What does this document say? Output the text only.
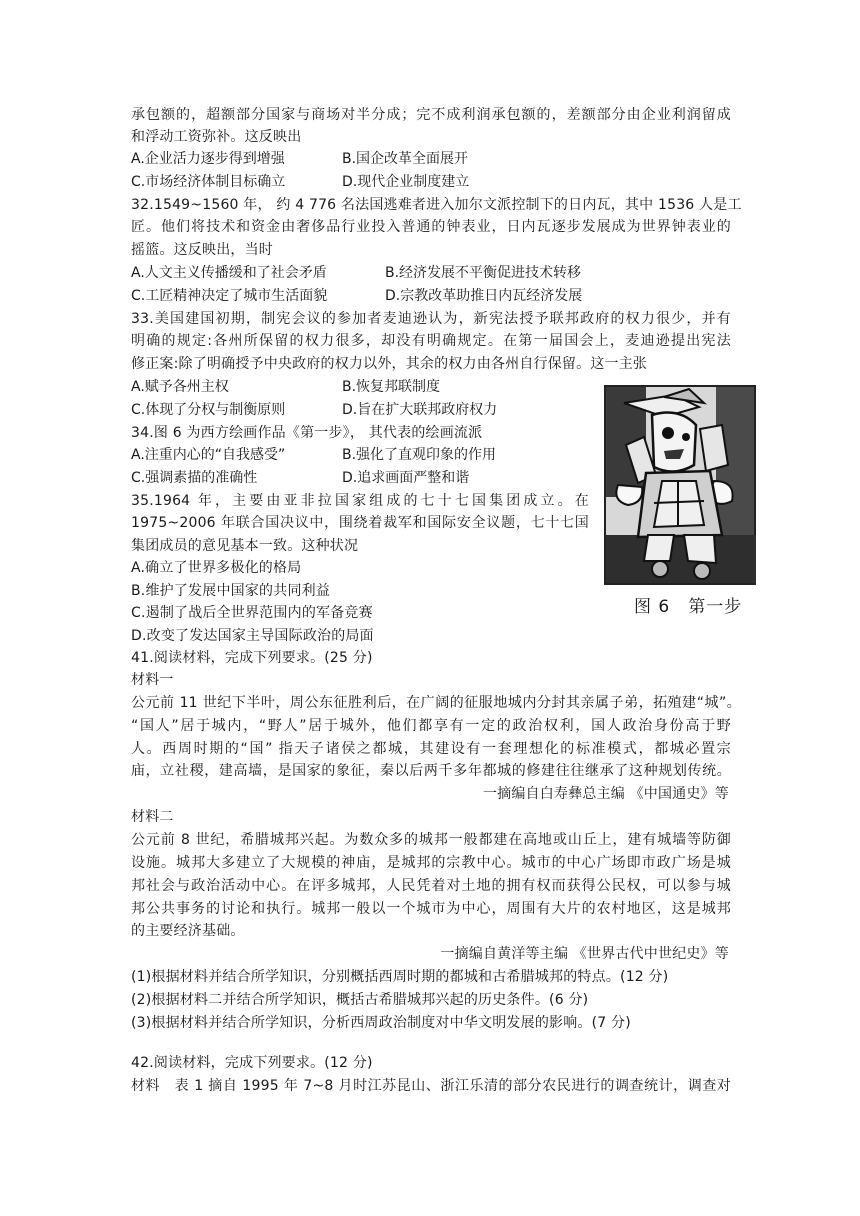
承包额的，超额部分国家与商场对半分成；完不成利润承包额的，差额部分由企业利润留成
和浮动工资弥补。这反映出
A.企业活力逐步得到增强	B.国企改革全面展开
C.市场经济体制目标确立	D.现代企业制度建立
32.1549~1560 年， 约 4 776 名法国逃难者进入加尔文派控制下的日内瓦，其中 1536 人是工
匠。他们将技术和资金由奢侈品行业投入普通的钟表业，日内瓦逐步发展成为世界钟表业的
摇篮。这反映出，当时
A.人文主义传播缓和了社会矛盾	B.经济发展不平衡促进技术转移
C.工匠精神决定了城市生活面貌	D.宗教改革助推日内瓦经济发展
33.美国建国初期，制宪会议的参加者麦迪逊认为，新宪法授予联邦政府的权力很少，并有
明确的规定:各州所保留的权力很多，却没有明确规定。在第一届国会上，麦迪逊提出宪法
修正案:除了明确授予中央政府的权力以外，其余的权力由各州自行保留。这一主张
A.赋予各州主权	B.恢复邦联制度
C.体现了分权与制衡原则	D.旨在扩大联邦政府权力
34.图 6 为西方绘画作品《第一步》， 其代表的绘画流派
A.注重内心的“自我感受”	B.强化了直观印象的作用
C.强调素描的准确性	D.追求画面严整和谐
35.1964 年，主要由亚非拉国家组成的七十七国集团成立。在
1975~2006 年联合国决议中，围绕着裁军和国际安全议题，七十七国
集团成员的意见基本一致。这种状况
A.确立了世界多极化的格局
B.维护了发展中国家的共同利益
C.遏制了战后全世界范围内的军备竞赛
D.改变了发达国家主导国际政治的局面
41.阅读材料，完成下列要求。(25 分)
材料一
公元前 11 世纪下半叶，周公东征胜利后，在广阔的征服地城内分封其亲属子弟，拓殖建“城”。
“国人”居于城内，“野人”居于城外，他们都享有一定的政治权利，国人政治身份高于野
人。西周时期的“国” 指天子诸侯之都城，其建设有一套理想化的标准模式，都城必置宗
庙，立社稷，建高墙，是国家的象征，秦以后两千多年都城的修建往往继承了这种规划传统。
一摘编自白寿彝总主编 《中国通史》等
材料二
公元前 8 世纪，希腊城邦兴起。为数众多的城邦一般都建在高地或山丘上，建有城墙等防御
设施。城邦大多建立了大规模的神庙，是城邦的宗教中心。城市的中心广场即市政广场是城
邦社会与政治活动中心。在评多城邦，人民凭着对土地的拥有权而获得公民权，可以参与城
邦公共事务的讨论和执行。城邦一般以一个城市为中心，周围有大片的农村地区，这是城邦
的主要经济基础。
一摘编自黄洋等主编 《世界古代中世纪史》等
(1)根据材料并结合所学知识，分别概括西周时期的都城和古希腊城邦的特点。(12 分)
(2)根据材料二并结合所学知识，概括古希腊城邦兴起的历史条件。(6 分)
(3)根据材料并结合所学知识，分析西周政治制度对中华文明发展的影响。(7 分)
42.阅读材料，完成下列要求。(12 分)
材料　表 1 摘自 1995 年 7~8 月时江苏昆山、浙江乐清的部分农民进行的调查统计，调查对
图 6　第一步
